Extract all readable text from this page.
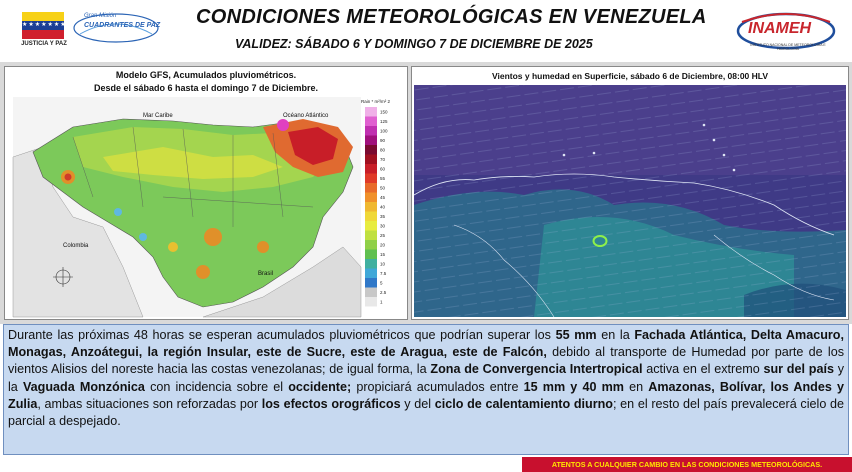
★★★★★★★★
JUSTICIA Y PAZ
Gran Misión
CUADRANTES DE PAZ CONDICIONES METEOROLÓGICAS EN VENEZUELA
VALIDEZ: SÁBADO 6 Y DOMINGO 7 DE DICIEMBRE DE 2025
INAMEH
INSTITUTO NACIONAL DE METEOROLOGÍA E HIDROLOGÍA
Modelo GFS, Acumulados pluviométricos.
Desde el sábado 6 hasta el domingo 7 de Diciembre.
Mar Caribe	Océano Atlántico
Colombia
Brasil
Rain * m²/m² 2
150
125
100
90
80
70
60
55
50
45
40
35
30
25
20
15
10
7.5
5
2.5
1
Vientos y humedad en Superficie, sábado 6 de Diciembre, 08:00 HLV
Durante las próximas 48 horas se esperan acumulados pluviométricos que podrían superar los 55 mm en la Fachada Atlántica, Delta Amacuro, Monagas, Anzoátegui, la región Insular, este de Sucre, este de Aragua, este de Falcón, debido al transporte de Humedad por parte de los vientos Alisios del noreste hacia las costas venezolanas; de igual forma, la Zona de Convergencia Intertropical activa en el extremo sur del país y la Vaguada Monzónica con incidencia sobre el occidente; propiciará acumulados entre 15 mm y 40 mm en Amazonas, Bolívar, los Andes y Zulia, ambas situaciones son reforzadas por los efectos orográficos y del ciclo de calentamiento diurno; en el resto del país prevalecerá cielo de parcial a despejado.
ATENTOS A CUALQUIER CAMBIO EN LAS CONDICIONES METEOROLÓGICAS.
